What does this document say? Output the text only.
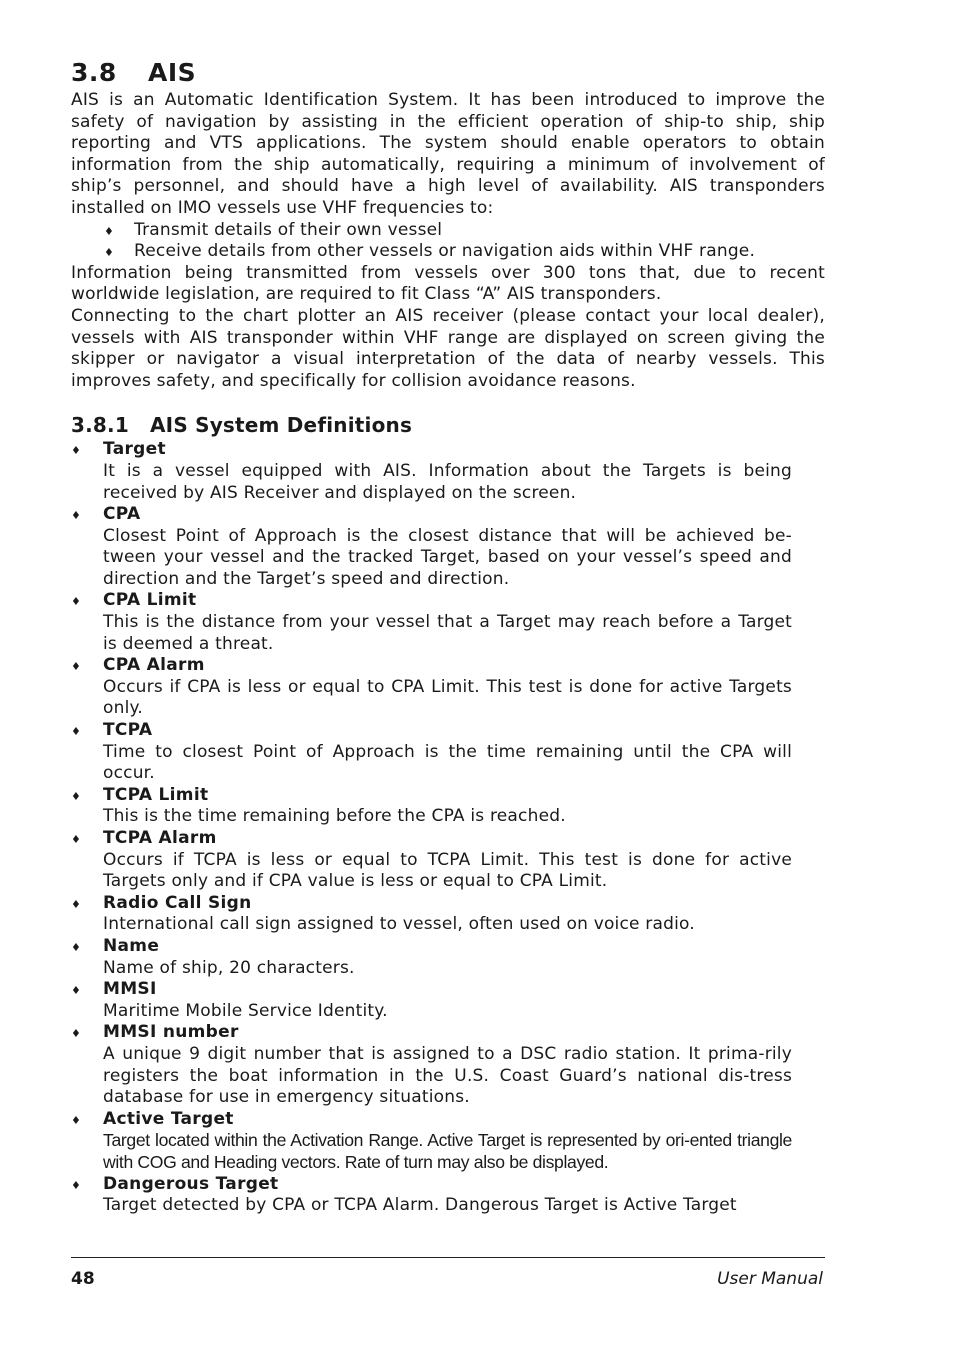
3.8 AIS

AIS is an Automatic Identification System. It has been introduced to improve the safety of navigation by assisting in the efficient operation of ship-to ship, ship reporting and VTS applications. The system should enable operators to obtain information from the ship automatically, requiring a minimum of involvement of ship’s personnel, and should have a high level of availability. AIS transponders installed on IMO vessels use VHF frequencies to:

♦ Transmit details of their own vessel
♦ Receive details from other vessels or navigation aids within VHF range.

Information being transmitted from vessels over 300 tons that, due to recent worldwide legislation, are required to fit Class “A” AIS transponders.

Connecting to the chart plotter an AIS receiver (please contact your local dealer), vessels with AIS transponder within VHF range are displayed on screen giving the skipper or navigator a visual interpretation of the data of nearby vessels. This improves safety, and specifically for collision avoidance reasons.

3.8.1 AIS System Definitions
♦ Target
It is a vessel equipped with AIS. Information about the Targets is being received by AIS Receiver and displayed on the screen.
♦ CPA
Closest Point of Approach is the closest distance that will be achieved be-tween your vessel and the tracked Target, based on your vessel’s speed and direction and the Target’s speed and direction.
♦ CPA Limit
This is the distance from your vessel that a Target may reach before a Target is deemed a threat.
♦ CPA Alarm
Occurs if CPA is less or equal to CPA Limit. This test is done for active Targets only.
♦ TCPA
Time to closest Point of Approach is the time remaining until the CPA will occur.
♦ TCPA Limit
This is the time remaining before the CPA is reached.
♦ TCPA Alarm
Occurs if TCPA is less or equal to TCPA Limit. This test is done for active Targets only and if CPA value is less or equal to CPA Limit.
♦ Radio Call Sign
International call sign assigned to vessel, often used on voice radio.
♦ Name
Name of ship, 20 characters.
♦ MMSI
Maritime Mobile Service Identity.
♦ MMSI number
A unique 9 digit number that is assigned to a DSC radio station. It prima-rily registers the boat information in the U.S. Coast Guard’s national dis-tress database for use in emergency situations.
♦ Active Target
Target located within the Activation Range. Active Target is represented by ori-ented triangle with COG and Heading vectors. Rate of turn may also be displayed.
♦ Dangerous Target
Target detected by CPA or TCPA Alarm. Dangerous Target is Active Target
48	User Manual
